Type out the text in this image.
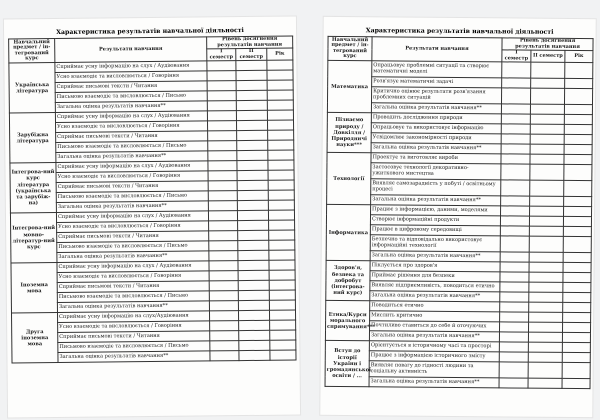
Характеристика результатів навчальної діяльності
Навчальний предмет / ін-тегрований курс	Результати навчання	Рівень досягнення результатів навчання		
		І семестр	ІІ семестр	Рік
Українська література	Сприймає усну інформацію на слух / Аудіювання			
	Усно взаємодіє та висловлюється / Говоріння			
	Сприймає письмові тексти / Читання			
	Письмово взаємодіє та висловлюється / Письмо			
	Загальна оцінка результатів навчання**			
Зарубіжна література	Сприймає усну інформацію на слух / Аудіювання			
	Усно взаємодіє та висловлюється / Говоріння			
	Сприймає письмові тексти / Читання			
	Письмово взаємодіє та висловлюється / Письмо			
	Загальна оцінка результатів навчання**			
Інтегрова-ний курс література (українська та зарубіж-на)	Сприймає усну інформацію на слух / Аудіювання			
	Усно взаємодіє та висловлюється / Говоріння			
	Сприймає письмові тексти / Читання			
	Письмово взаємодіє та висловлюється / Письмо			
	Загальна оцінка результатів навчання**			
Інтегрова-ний мовно-літератур-ний курс	Сприймає усну інформацію на слух / Аудіювання			
	Усно взаємодіє та висловлюється / Говоріння			
	Сприймає письмові тексти / Читання			
	Письмово взаємодіє та висловлюється / Письмо			
	Загальна оцінка результатів навчання**			
Іноземна мова	Сприймає усну інформацію на слух / Аудіювання			
	Усно взаємодіє та висловлюється / Говоріння			
	Сприймає письмові тексти / Читання			
	Письмово взаємодіє та висловлюється / Письмо			
	Загальна оцінка результатів навчання**			
Друга іноземна мова	Сприймає усну інформацію на слух/Аудіювання			
	Усно взаємодіє та висловлюється / Говоріння			
	Сприймає письмові тексти / Читання			
	Письмово взаємодіє та висловлюється / Письмо			
	Загальна оцінка результатів навчання**			
Характеристика результатів навчальної діяльності
Навчальний предмет / ін-тегрований курс	Результати навчання	Рівень досягнення результатів навчання		
		І семестр	ІІ семестр	Рік
Математика	Опрацьовує проблемні ситуації та створює математичні моделі			
	Розв'язує математичні задачі			
	Критично оцінює результати розв'язання проблемних ситуацій			
	Загальна оцінка результатів навчання**			
Пізнаємо природу / Довкілля / Природничі науки***	Проводить дослідження природи			
	Опрацьовує та використовує інформацію			
	Усвідомлює закономірності природи			
	Загальна оцінка результатів навчання**			
Технології	Проектує та виготовляє вироби			
	Застосовує технології декоративно-ужиткового мистецтва			
	Виявляє самозарадність у побуті / освітньому процесі			
	Загальна оцінка результатів навчання**			
Інформатика	Працює з інформацією, даними, моделями			
	Створює інформаційні продукти			
	Працює в цифровому середовищі			
	Безпечно та відповідально використовує інформаційні технології			
	Загальна оцінка результатів навчання**			
Здоров'я, безпека та добробут (інтегрова-ний курс)	Піклується про здоров'я			
	Приймає рішення для безпеки			
	Виявляє підприємливість, поводиться етично			
	Загальна оцінка результатів навчання**			
Етика/Курси морального спрямування***	Поводиться етично			
	Мислить критично			
	Почтиливо ставиться до себе й оточуючих			
	Загальна оцінка результатів навчання**			
Вступ до історії України і громадянської освіти / ...	Орієнтується в історичному часі та просторі			
	Працює з інформацією історичного змісту			
	Виявляє повагу до гідності людини та соціальну активність			
	Загальна оцінка результатів навчання**			
